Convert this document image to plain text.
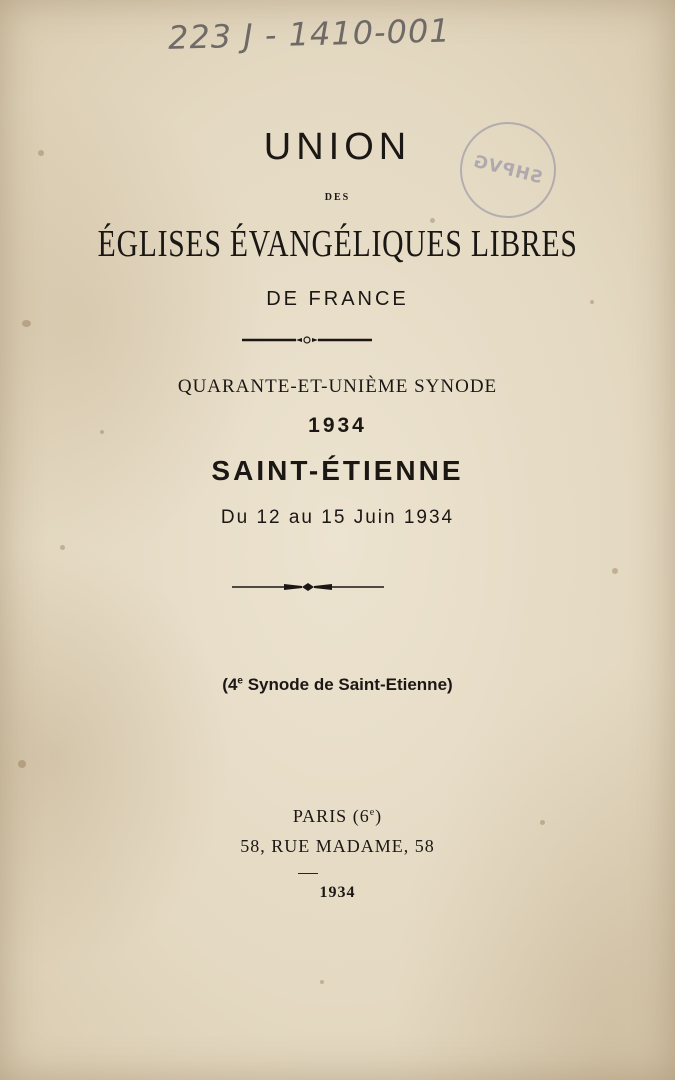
223 J - 1410-001
SHPVG
UNION
DES
ÉGLISES ÉVANGÉLIQUES LIBRES
DE FRANCE
QUARANTE-ET-UNIÈME SYNODE
1934
SAINT-ÉTIENNE
Du 12 au 15 Juin 1934
(4e Synode de Saint-Etienne)
PARIS (6e)
58, RUE MADAME, 58
1934
